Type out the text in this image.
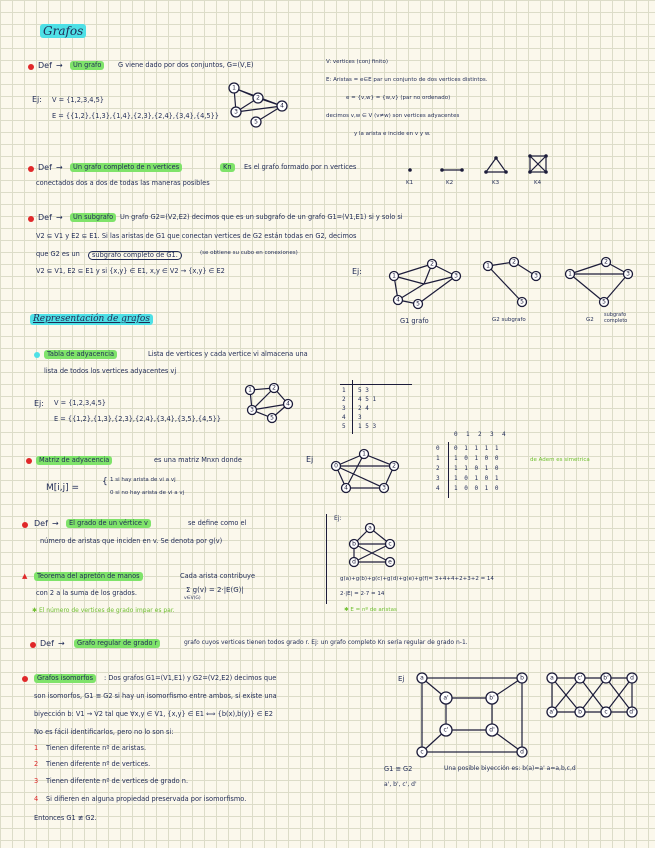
Grafos
Def →	Un grafo	G viene dado por dos conjuntos, G=(V,E)	V: vertices (conj finito)
E: Aristas = e∈E par un conjunto de dos vertices distintos.
e = {v,w} = {w,v} (par no ordenado)
decimos v,w ∈ V (v≠w) son vertices adyacentes
y la arista e incide en v y w.
Ej: V = {1,2,3,4,5}
E = {{1,2},{1,3},{1,4},{2,3},{2,4},{3,4},{4,5}}
1
2
3
4
5
Def →	Un grafo completo de n vertices	Kn	Es el grafo formado por n vertices
conectados dos a dos de todas las maneras posibles	K1	K2	K3	K4
Def →	Un subgrafo	Un grafo G2=(V2,E2) decimos que es un subgrafo de un grafo G1=(V1,E1) si y solo si
V2 ⊆ V1 y E2 ⊆ E1. Si las aristas de G1 que conectan vertices de G2 están todas en G2, decimos
que G2 es un	subgrafo completo de G1.	(se obtiene su cubo en conexiones)
V2 ⊆ V1, E2 ⊆ E1 y si {x,y} ∈ E1, x,y ∈ V2 → {x,y} ∈ E2	Ej:	1
2
3
4
5
1
2
3
5
1
2
3
5
G1 grafo	G2 subgrafo	G2
subgrafo completo
Representación de grafos
Tabla de adyacencia	Lista de vertices y cada vertice vi almacena una
lista de todos los vertices adyacentes vj
Ej: V = {1,2,3,4,5}
E = {{1,2},{1,3},{2,3},{2,4},{3,4},{3,5},{4,5}}
1	2
3
4
5
1 5 3
2 4 5 1
3 2 4
4 3
5 1 5 3
Matriz de adyacencia	es una matriz Mnxn donde	Ej
M[i,j] =
{ 1 si hay arista de vi a vj
0 si no hay arista de vi a vj
0
1
2
4	3
0 1 2 3 4
0 0 1 1 1 1
1 1 0 1 0 0
2 1 1 0 1 0
3 1 0 1 0 1
4 1 0 0 1 0
de Adem es simetrica
Def →	El grado de un vértice v	se define como el
número de aristas que inciden en v. Se denota por g(v)
Ej:
a
b	c
d	e
▲	Teorema del apretón de manos	Cada arista contribuye
con 2 a la suma de los grados.	Σ g(v) = 2·|E(G)|
v∈V(G)
✱ El número de vertices de grado impar es par.
g(a)+g(b)+g(c)+g(d)+g(e)+g(f)= 3+4+4+2+3+2 = 14
2·|E| = 2·7 = 14
✱ E = nº de aristas
Def →	Grafo regular de grado r	grafo cuyos vertices tienen todos grado r. Ej: un grafo completo Kn sería regular de grado n-1.
Grafos isomorfos	: Dos grafos G1=(V1,E1) y G2=(V2,E2) decimos que
son isomorfos, G1 ≅ G2 si hay un isomorfismo entre ambos, si existe una
biyección b: V1 → V2 tal que ∀x,y ∈ V1, {x,y} ∈ E1 ⟺ {b(x),b(y)} ∈ E2
No es fácil identificarlos, pero no lo son si:
1 Tienen diferente nº de aristas.
2 Tienen diferente nº de vertices.
3 Tienen diferente nº de vertices de grado n.
4 Si difieren en alguna propiedad preservada por isomorfismo.
Entonces G1 ≇ G2.
Ej	a	b
c	d
a'	b'
c'	d'
a	c'	b'	d
a'	b	c	d'
G1 ≅ G2	Una posible biyección es: b(a)=a' a=a,b,c,d
a', b', c', d'
